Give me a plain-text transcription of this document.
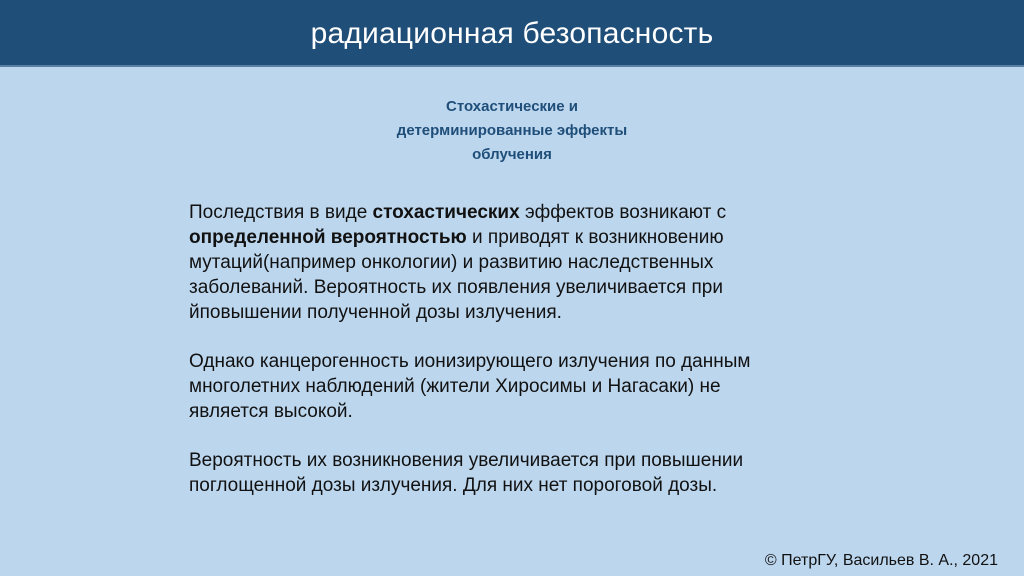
радиационная безопасность
Стохастические и
детерминированные эффекты
облучения
Последствия в виде стохастических эффектов возникают с
определенной вероятностью и приводят к возникновению
мутаций(например онкологии) и развитию наследственных
заболеваний. Вероятность их появления увеличивается при
йповышении полученной дозы излучения.
Однако канцерогенность ионизирующего излучения по данным
многолетних наблюдений (жители Хиросимы и Нагасаки) не
является высокой.
Вероятность их возникновения увеличивается при повышении
поглощенной дозы излучения. Для них нет пороговой дозы.
© ПетрГУ, Васильев В. А., 2021
